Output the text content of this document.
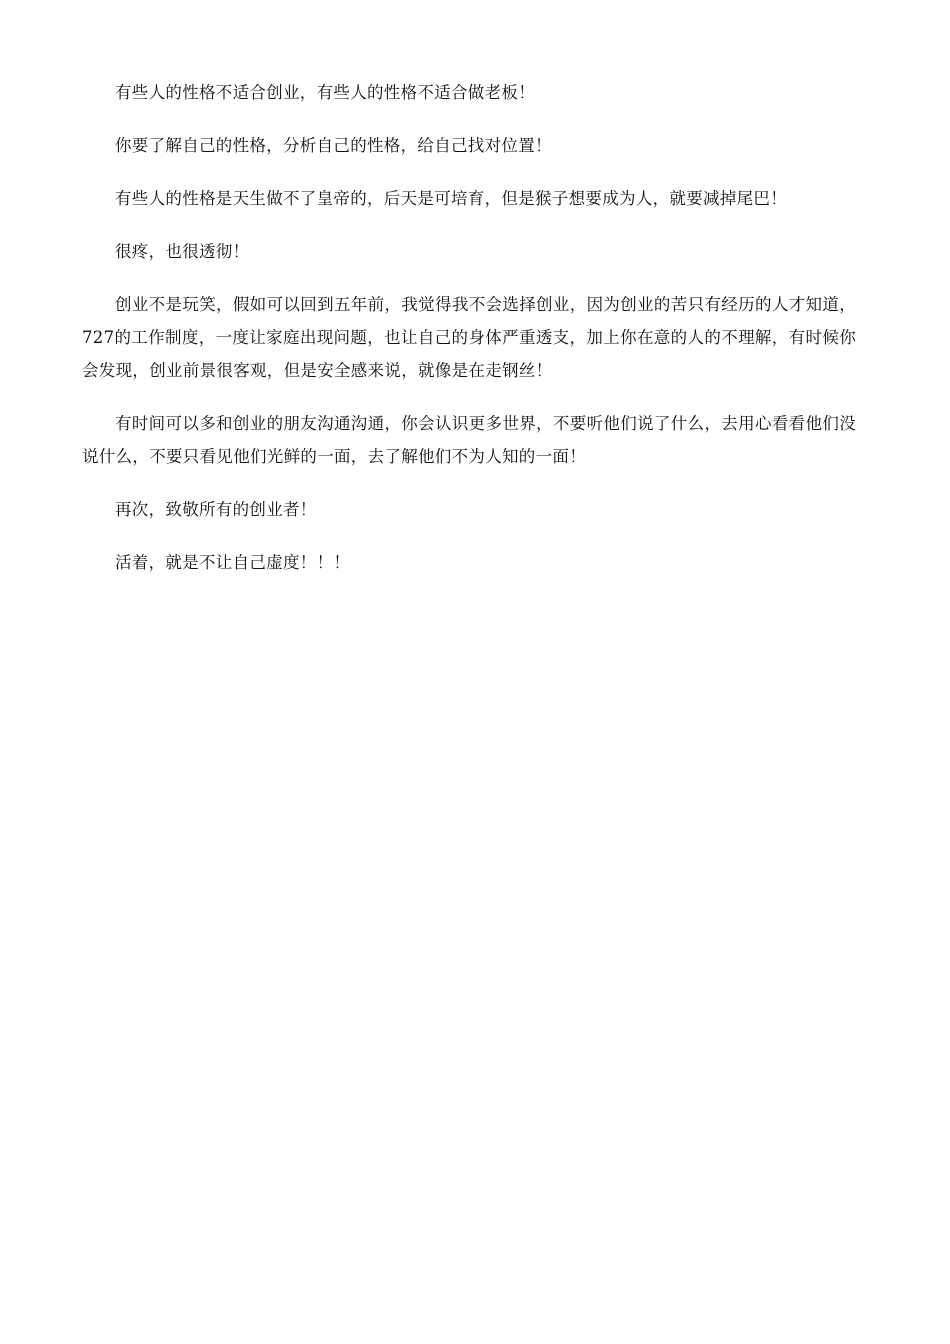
有些人的性格不适合创业，有些人的性格不适合做老板！

你要了解自己的性格，分析自己的性格，给自己找对位置！

有些人的性格是天生做不了皇帝的，后天是可培育，但是猴子想要成为人，就要减掉尾巴！

很疼，也很透彻！

创业不是玩笑，假如可以回到五年前，我觉得我不会选择创业，因为创业的苦只有经历的人才知道，727的工作制度，一度让家庭出现问题，也让自己的身体严重透支，加上你在意的人的不理解，有时候你会发现，创业前景很客观，但是安全感来说，就像是在走钢丝！

有时间可以多和创业的朋友沟通沟通，你会认识更多世界，不要听他们说了什么，去用心看看他们没说什么，不要只看见他们光鲜的一面，去了解他们不为人知的一面！

再次，致敬所有的创业者！

活着，就是不让自己虚度！！！
